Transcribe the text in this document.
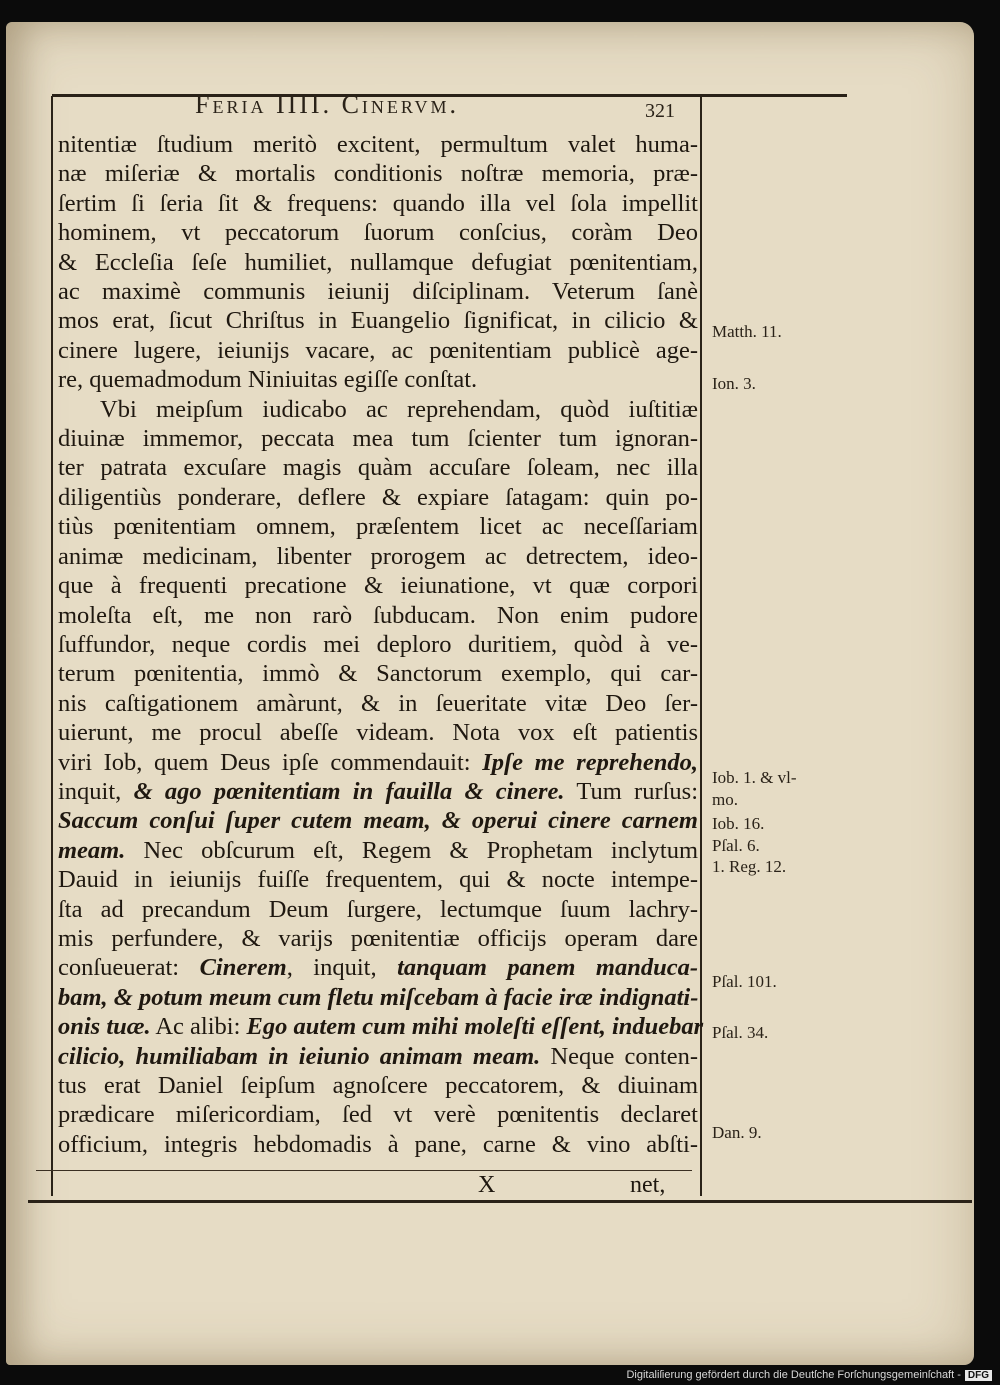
Feria IIII. Cinervm.	321
nitentiæ ſtudium meritò excitent, permultum valet huma-
næ miſeriæ & mortalis conditionis noſtræ memoria, præ-
ſertim ſi ſeria ſit & frequens: quando illa vel ſola impellit
hominem, vt peccatorum ſuorum conſcius, coràm Deo
& Eccleſia ſeſe humiliet, nullamque defugiat pœnitentiam,
ac maximè communis ieiunij diſciplinam. Veterum ſanè
mos erat, ſicut Chriſtus in Euangelio ſignificat, in cilicio &
cinere lugere, ieiunijs vacare, ac pœnitentiam publicè age-
re, quemadmodum Niniuitas egiſſe conſtat.
Vbi meipſum iudicabo ac reprehendam, quòd iuſtitiæ
diuinæ immemor, peccata mea tum ſcienter tum ignoran-
ter patrata excuſare magis quàm accuſare ſoleam, nec illa
diligentiùs ponderare, deflere & expiare ſatagam: quin po-
tiùs pœnitentiam omnem, præſentem licet ac neceſſariam
animæ medicinam, libenter prorogem ac detrectem, ideo-
que à frequenti precatione & ieiunatione, vt quæ corpori
moleſta eſt, me non rarò ſubducam. Non enim pudore
ſuffundor, neque cordis mei deploro duritiem, quòd à ve-
terum pœnitentia, immò & Sanctorum exemplo, qui car-
nis caſtigationem amàrunt, & in ſeueritate vitæ Deo ſer-
uierunt, me procul abeſſe videam. Nota vox eſt patientis
viri Iob, quem Deus ipſe commendauit: Ipſe me reprehendo,
inquit, & ago pœnitentiam in fauilla & cinere. Tum rurſus:
Saccum conſui ſuper cutem meam, & operui cinere carnem
meam. Nec obſcurum eſt, Regem & Prophetam inclytum
Dauid in ieiunijs fuiſſe frequentem, qui & nocte intempe-
ſta ad precandum Deum ſurgere, lectumque ſuum lachry-
mis perfundere, & varijs pœnitentiæ officijs operam dare
conſueuerat: Cinerem, inquit, tanquam panem manduca-
bam, & potum meum cum fletu miſcebam à facie iræ indignati-
onis tuæ. Ac alibi: Ego autem cum mihi moleſti eſſent, induebar
cilicio, humiliabam in ieiunio animam meam. Neque conten-
tus erat Daniel ſeipſum agnoſcere peccatorem, & diuinam
prædicare miſericordiam, ſed vt verè pœnitentis declaret
officium, integris hebdomadis à pane, carne & vino abſti-
Matth. 11.
Ion. 3.
Iob. 1. & vl-
mo.
Iob. 16.
Pſal. 6.
1. Reg. 12.
Pſal. 101.
Pſal. 34.
Dan. 9.
X	net,
Digitaliſierung gefördert durch die Deutſche Forſchungsgemeinſchaft - DFG
